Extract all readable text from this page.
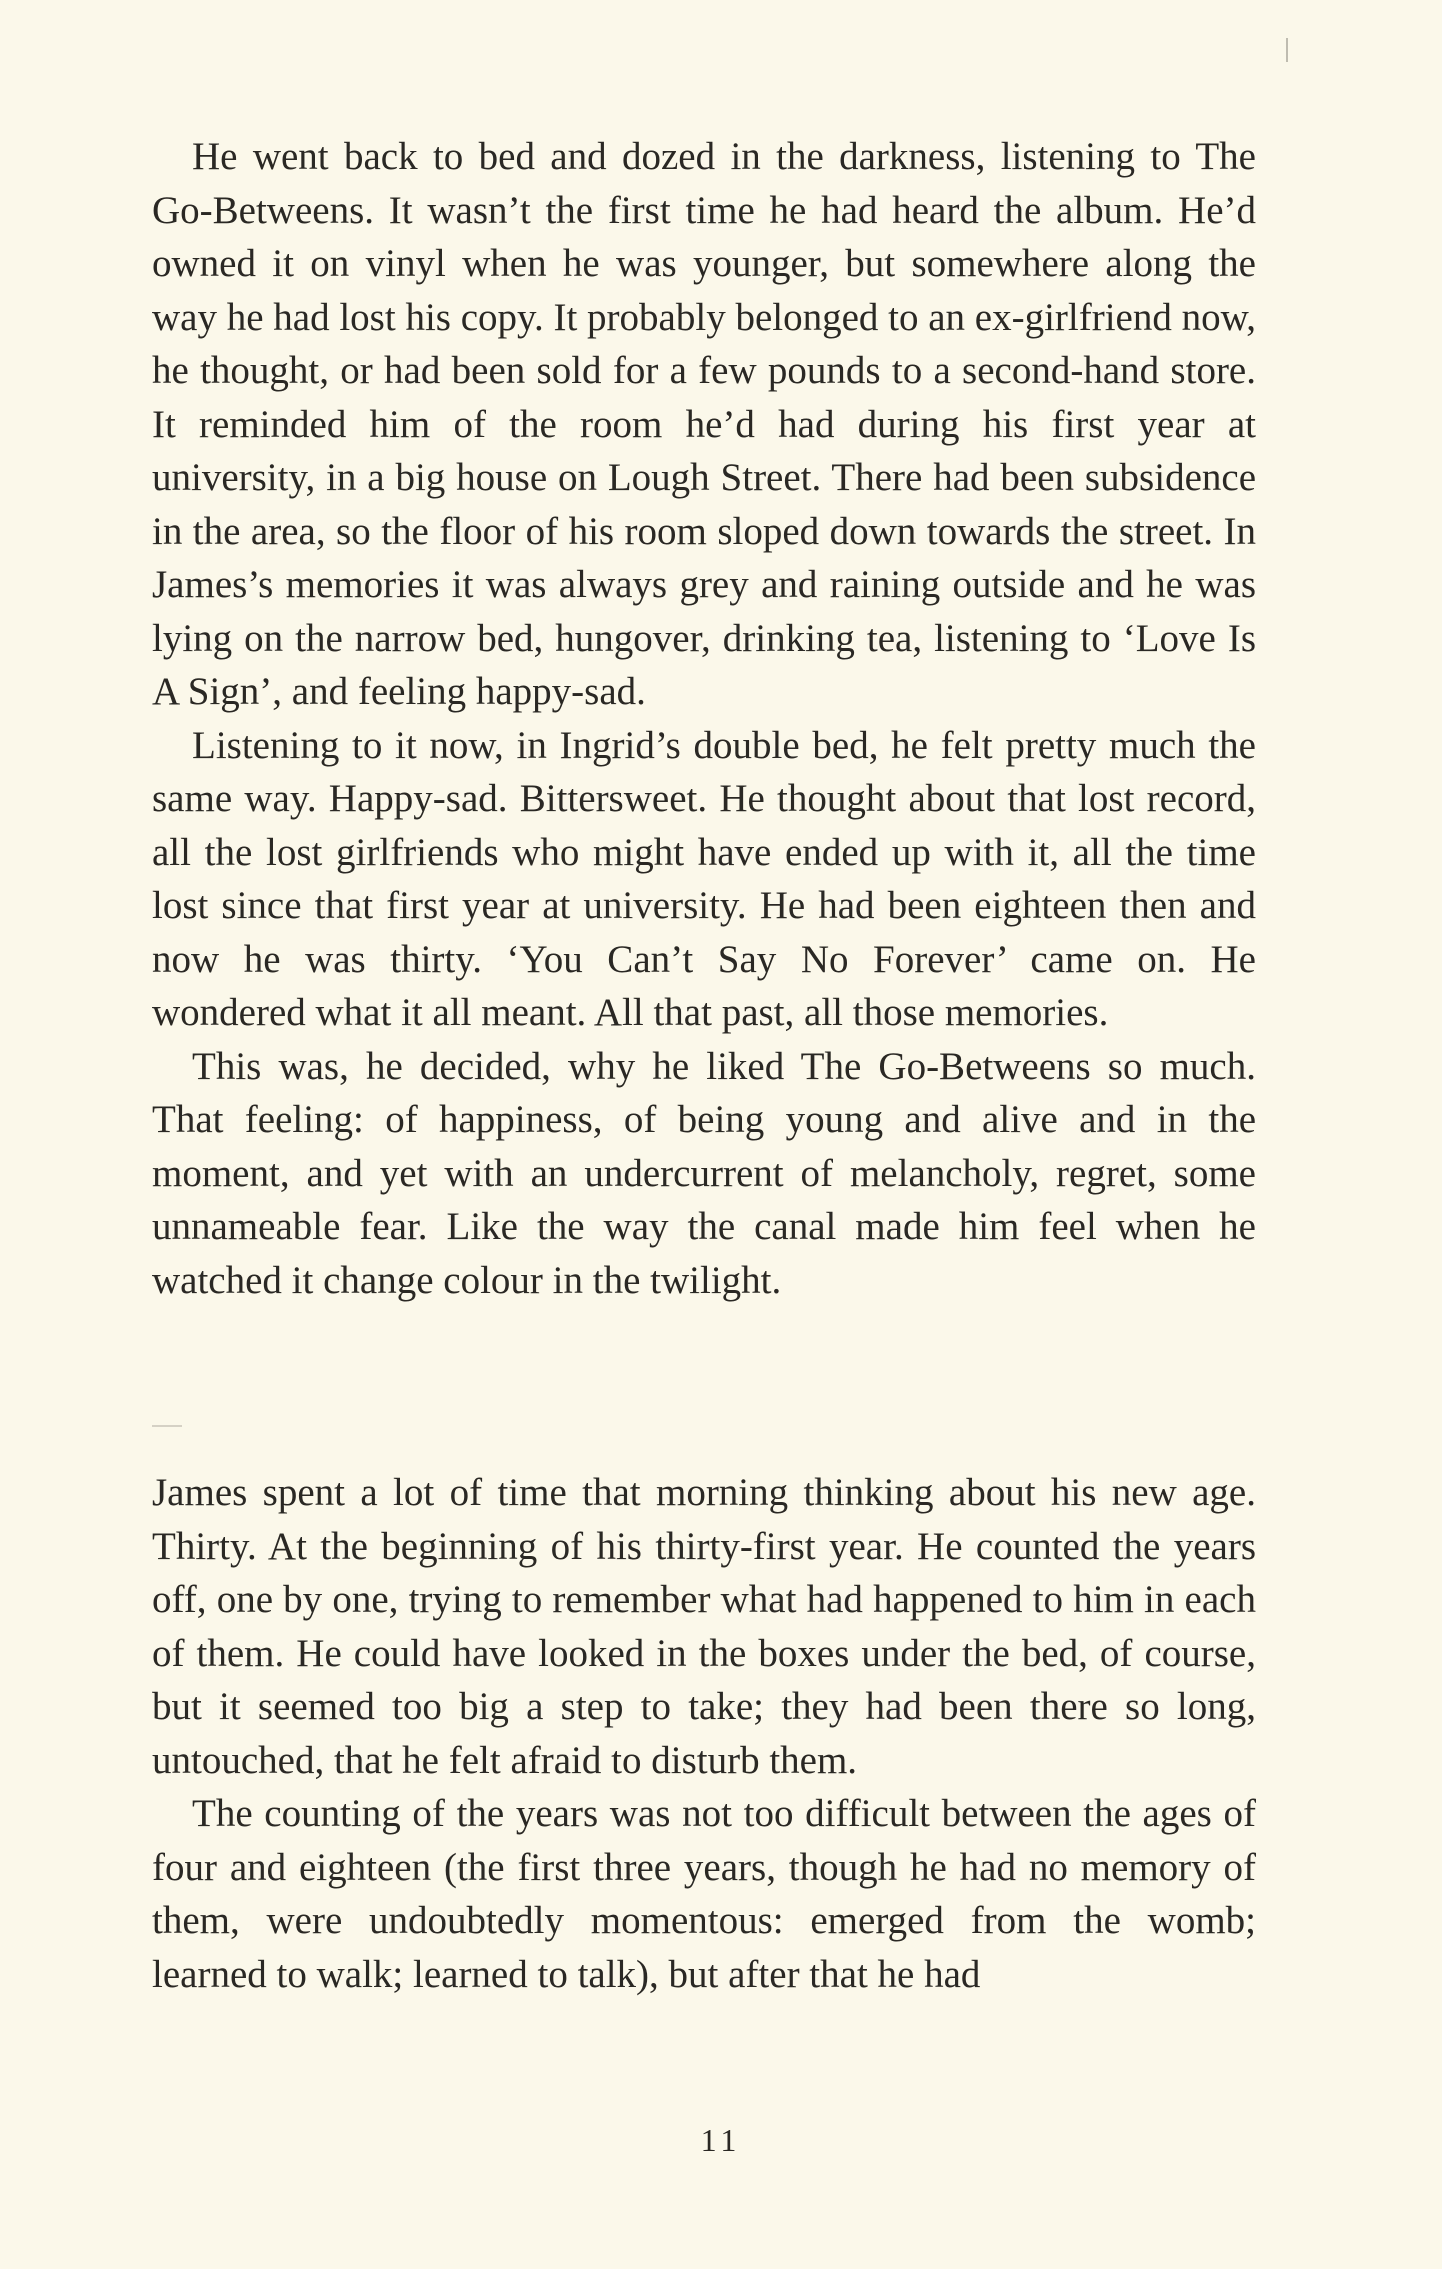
He went back to bed and dozed in the darkness, listening to The Go-Betweens. It wasn’t the first time he had heard the album. He’d owned it on vinyl when he was younger, but somewhere along the way he had lost his copy. It probably belonged to an ex-girlfriend now, he thought, or had been sold for a few pounds to a second-hand store. It reminded him of the room he’d had during his first year at university, in a big house on Lough Street. There had been subsidence in the area, so the floor of his room sloped down towards the street. In James’s memories it was always grey and raining outside and he was lying on the narrow bed, hungover, drinking tea, listening to ‘Love Is A Sign’, and feeling happy-sad.

Listening to it now, in Ingrid’s double bed, he felt pretty much the same way. Happy-sad. Bittersweet. He thought about that lost record, all the lost girlfriends who might have ended up with it, all the time lost since that first year at university. He had been eighteen then and now he was thirty. ‘You Can’t Say No Forever’ came on. He wondered what it all meant. All that past, all those memories.

This was, he decided, why he liked The Go-Betweens so much. That feeling: of happiness, of being young and alive and in the moment, and yet with an undercurrent of melancholy, regret, some unnameable fear. Like the way the canal made him feel when he watched it change colour in the twilight.

James spent a lot of time that morning thinking about his new age. Thirty. At the beginning of his thirty-first year. He counted the years off, one by one, trying to remember what had happened to him in each of them. He could have looked in the boxes under the bed, of course, but it seemed too big a step to take; they had been there so long, untouched, that he felt afraid to disturb them.

The counting of the years was not too difficult between the ages of four and eighteen (the first three years, though he had no memory of them, were undoubtedly momentous: emerged from the womb; learned to walk; learned to talk), but after that he had

11
